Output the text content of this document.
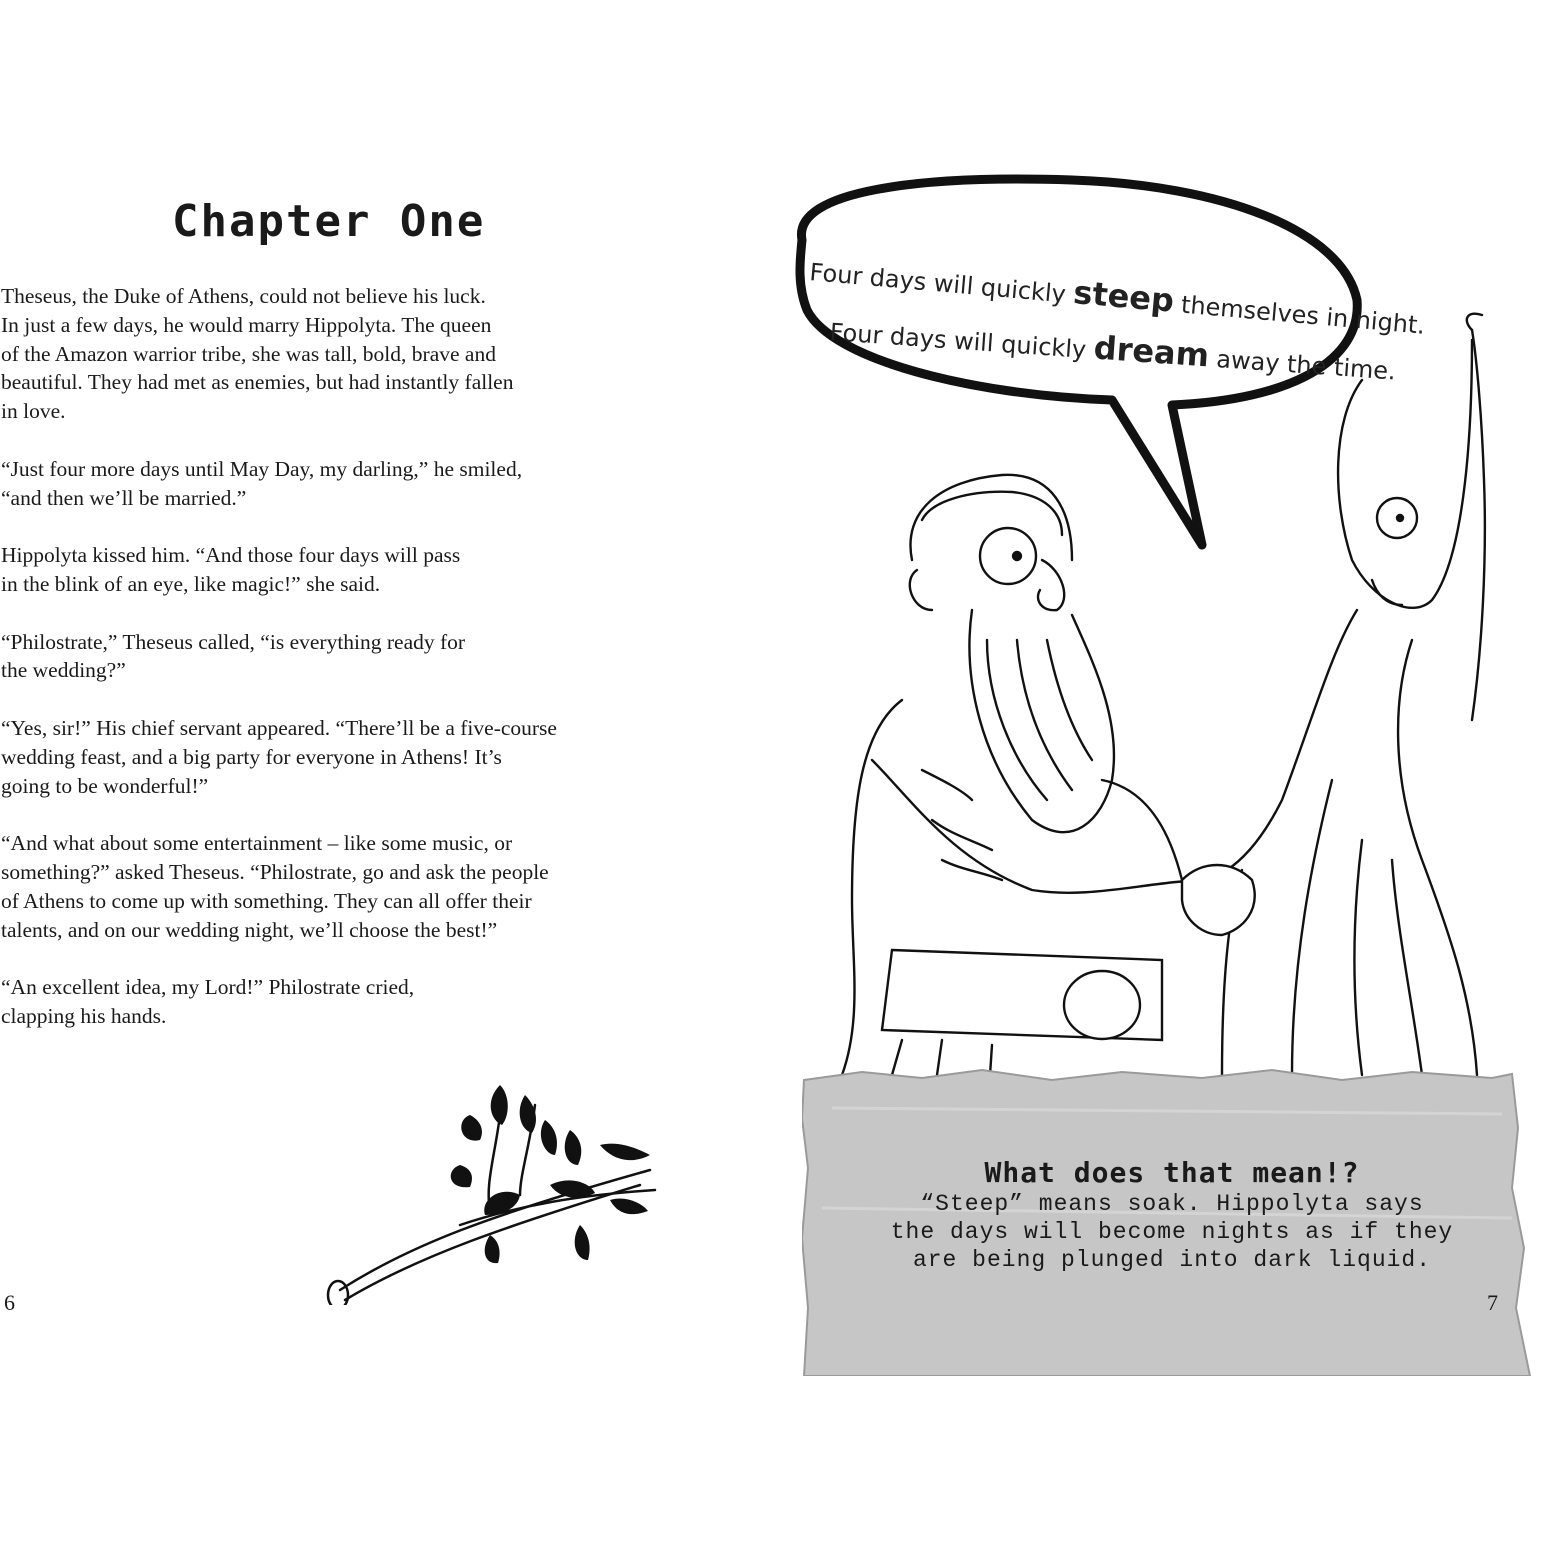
Chapter One

Theseus, the Duke of Athens, could not believe his luck.
In just a few days, he would marry Hippolyta. The queen
of the Amazon warrior tribe, she was tall, bold, brave and
beautiful. They had met as enemies, but had instantly fallen
in love.

“Just four more days until May Day, my darling,” he smiled,
“and then we’ll be married.”

Hippolyta kissed him. “And those four days will pass
in the blink of an eye, like magic!” she said.

“Philostrate,” Theseus called, “is everything ready for
the wedding?”

“Yes, sir!” His chief servant appeared. “There’ll be a five-course
wedding feast, and a big party for everyone in Athens! It’s
going to be wonderful!”

“And what about some entertainment – like some music, or
something?” asked Theseus. “Philostrate, go and ask the people
of Athens to come up with something. They can all offer their
talents, and on our wedding night, we’ll choose the best!”

“An excellent idea, my Lord!” Philostrate cried,
clapping his hands.

6
Four days will quickly steep themselves in night.
Four days will quickly dream away the time.
What does that mean!?
“Steep” means soak. Hippolyta says
the days will become nights as if they
are being plunged into dark liquid.
7
